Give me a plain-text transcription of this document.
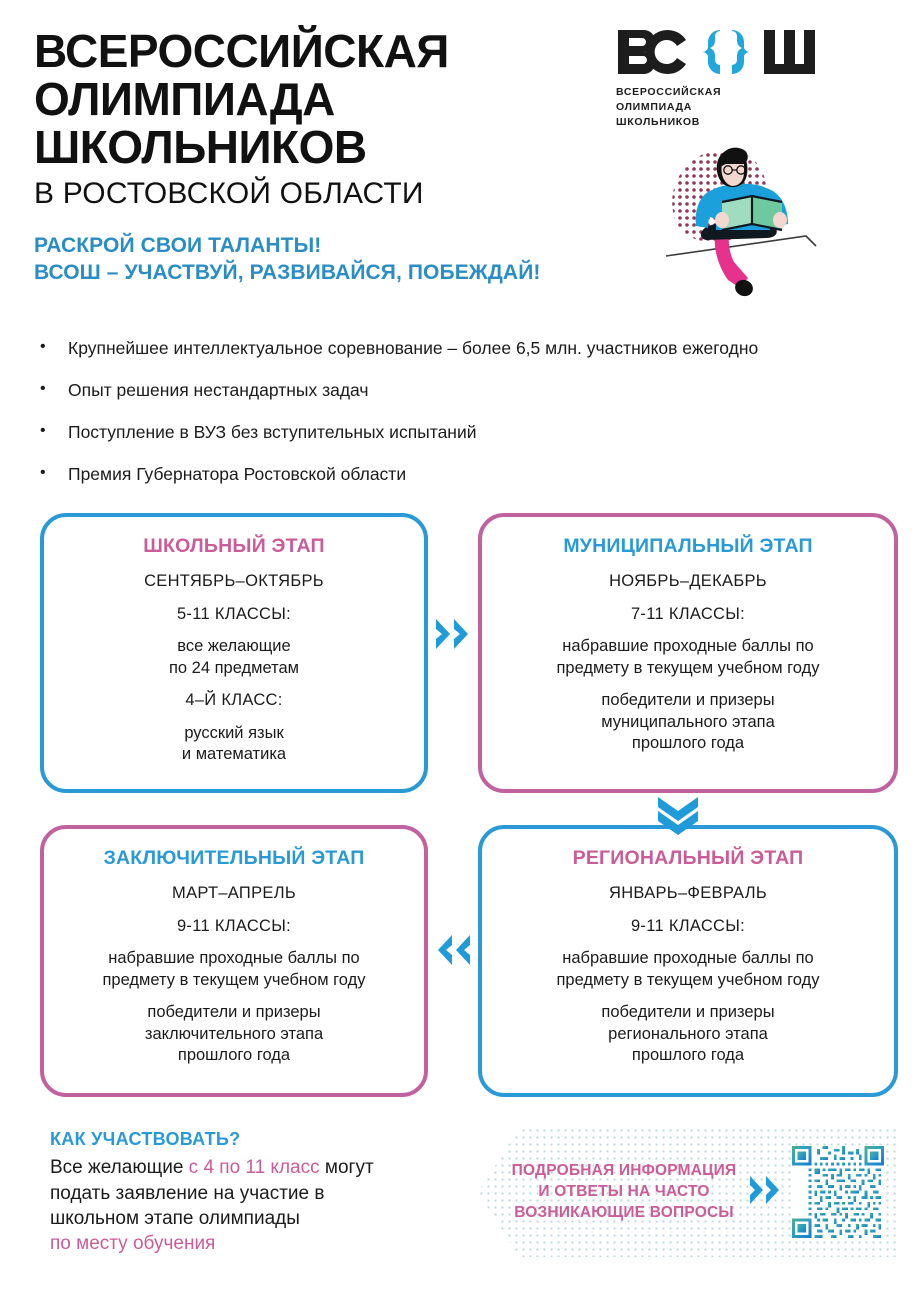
ВСЕРОССИЙСКАЯ
ОЛИМПИАДА
ШКОЛЬНИКОВ
В РОСТОВСКОЙ ОБЛАСТИ
РАСКРОЙ СВОИ ТАЛАНТЫ!
ВСОШ – УЧАСТВУЙ, РАЗВИВАЙСЯ, ПОБЕЖДАЙ!
ВСЕРОССИЙСКАЯ
ОЛИМПИАДА
ШКОЛЬНИКОВ
•	Крупнейшее интеллектуальное соревнование – более 6,5 млн. участников ежегодно
•	Опыт решения нестандартных задач
•	Поступление в ВУЗ без вступительных испытаний
•	Премия Губернатора Ростовской области
ШКОЛЬНЫЙ ЭТАП
СЕНТЯБРЬ–ОКТЯБРЬ
5-11 КЛАССЫ:
все желающие
по 24 предметам
4–Й КЛАСС:
русский язык
и математика
МУНИЦИПАЛЬНЫЙ ЭТАП
НОЯБРЬ–ДЕКАБРЬ
7-11 КЛАССЫ:
набравшие проходные баллы по
предмету в текущем учебном году
победители и призеры
муниципального этапа
прошлого года
ЗАКЛЮЧИТЕЛЬНЫЙ ЭТАП
МАРТ–АПРЕЛЬ
9-11 КЛАССЫ:
набравшие проходные баллы по
предмету в текущем учебном году
победители и призеры
заключительного этапа
прошлого года
РЕГИОНАЛЬНЫЙ ЭТАП
ЯНВАРЬ–ФЕВРАЛЬ
9-11 КЛАССЫ:
набравшие проходные баллы по
предмету в текущем учебном году
победители и призеры
регионального этапа
прошлого года
КАК УЧАСТВОВАТЬ?
Все желающие с 4 по 11 класс могут
подать заявление на участие в
школьном этапе олимпиады
по месту обучения
ПОДРОБНАЯ ИНФОРМАЦИЯ
И ОТВЕТЫ НА ЧАСТО
ВОЗНИКАЮЩИЕ ВОПРОСЫ
